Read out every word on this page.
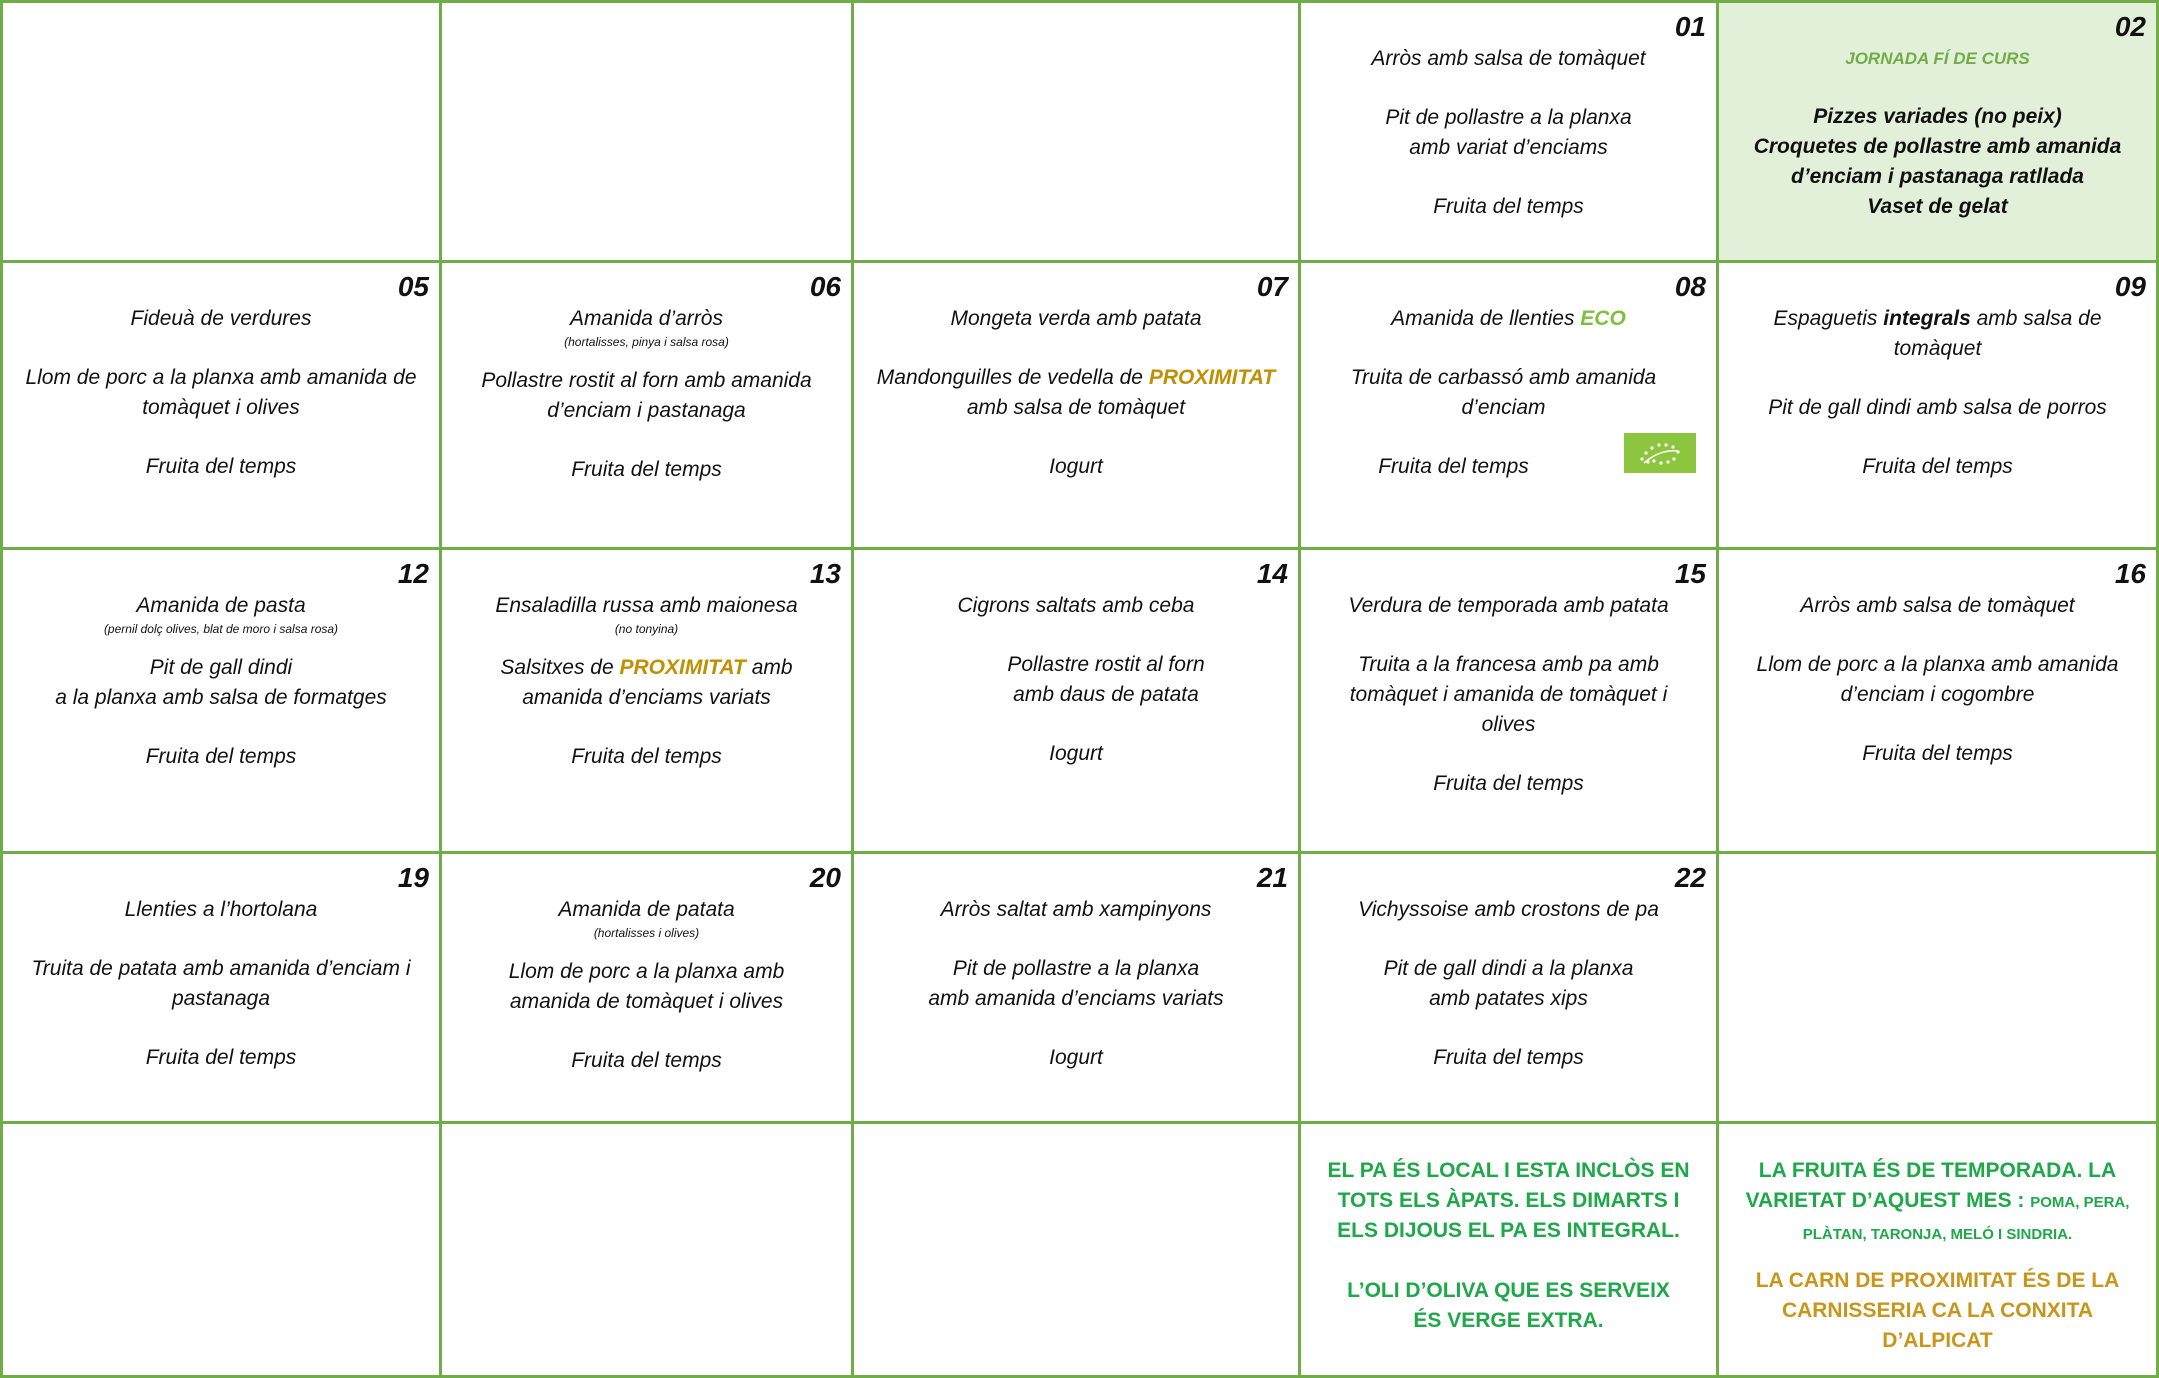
01
Arròs amb salsa de tomàquet
Pit de pollastre a la planxa
amb variat d’enciams
Fruita del temps
02
JORNADA FÍ DE CURS
Pizzes variades (no peix)
Croquetes de pollastre amb amanida d’enciam i pastanaga ratllada
Vaset de gelat
05
Fideuà de verdures
Llom de porc a la planxa amb amanida de tomàquet i olives
Fruita del temps
06
Amanida d’arròs
(hortalisses, pinya i salsa rosa)
Pollastre rostit al forn amb amanida d’enciam i pastanaga
Fruita del temps
07
Mongeta verda amb patata
Mandonguilles de vedella de PROXIMITAT
amb salsa de tomàquet
Iogurt
08
Amanida de llenties ECO
Truita de carbassó amb amanida d’enciam
Fruita del temps
09
Espaguetis integrals amb salsa de tomàquet
Pit de gall dindi amb salsa de porros
Fruita del temps
12
Amanida de pasta
(pernil dolç olives, blat de moro i salsa rosa)
Pit de gall dindi
a la planxa amb salsa de formatges
Fruita del temps
13
Ensaladilla russa amb maionesa
(no tonyina)
Salsitxes de PROXIMITAT amb amanida d’enciams variats
Fruita del temps
14
Cigrons saltats amb ceba
Pollastre rostit al forn
amb daus de patata
Iogurt
15
Verdura de temporada amb patata
Truita a la francesa amb pa amb tomàquet i amanida de tomàquet i olives
Fruita del temps
16
Arròs amb salsa de tomàquet
Llom de porc a la planxa amb amanida d’enciam i cogombre
Fruita del temps
19
Llenties a l’hortolana
Truita de patata amb amanida d’enciam i pastanaga
Fruita del temps
20
Amanida de patata
(hortalisses i olives)
Llom de porc a la planxa amb amanida de tomàquet i olives
Fruita del temps
21
Arròs saltat amb xampinyons
Pit de pollastre a la planxa
amb amanida d’enciams variats
Iogurt
22
Vichyssoise amb crostons de pa
Pit de gall dindi a la planxa
amb patates xips
Fruita del temps
EL PA ÉS LOCAL I ESTA INCLÒS EN TOTS ELS ÀPATS. ELS DIMARTS I ELS DIJOUS EL PA ES INTEGRAL.
L’OLI D’OLIVA QUE ES SERVEIX ÉS VERGE EXTRA.
LA FRUITA ÉS DE TEMPORADA. LA VARIETAT D’AQUEST MES : POMA, PERA, PLÀTAN, TARONJA, MELÓ I SINDRIA.
LA CARN DE PROXIMITAT ÉS DE LA CARNISSERIA CA LA CONXITA D’ALPICAT
